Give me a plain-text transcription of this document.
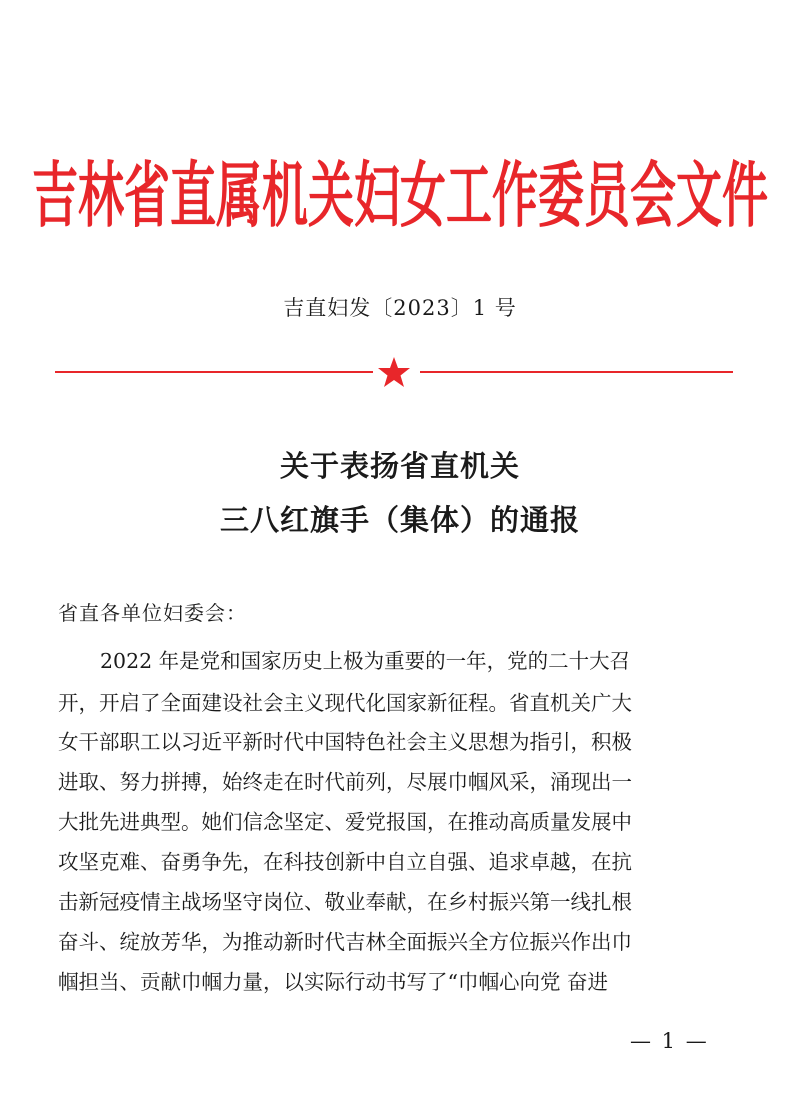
吉林省直属机关妇女工作委员会文件
吉直妇发〔2023〕1 号
关于表扬省直机关
三八红旗手（集体）的通报
省直各单位妇委会：
2022 年是党和国家历史上极为重要的一年，党的二十大召
开，开启了全面建设社会主义现代化国家新征程。省直机关广大
女干部职工以习近平新时代中国特色社会主义思想为指引，积极
进取、努力拼搏，始终走在时代前列，尽展巾帼风采，涌现出一
大批先进典型。她们信念坚定、爱党报国，在推动高质量发展中
攻坚克难、奋勇争先，在科技创新中自立自强、追求卓越，在抗
击新冠疫情主战场坚守岗位、敬业奉献，在乡村振兴第一线扎根
奋斗、绽放芳华，为推动新时代吉林全面振兴全方位振兴作出巾
帼担当、贡献巾帼力量，以实际行动书写了“巾帼心向党 奋进
— 1 —
